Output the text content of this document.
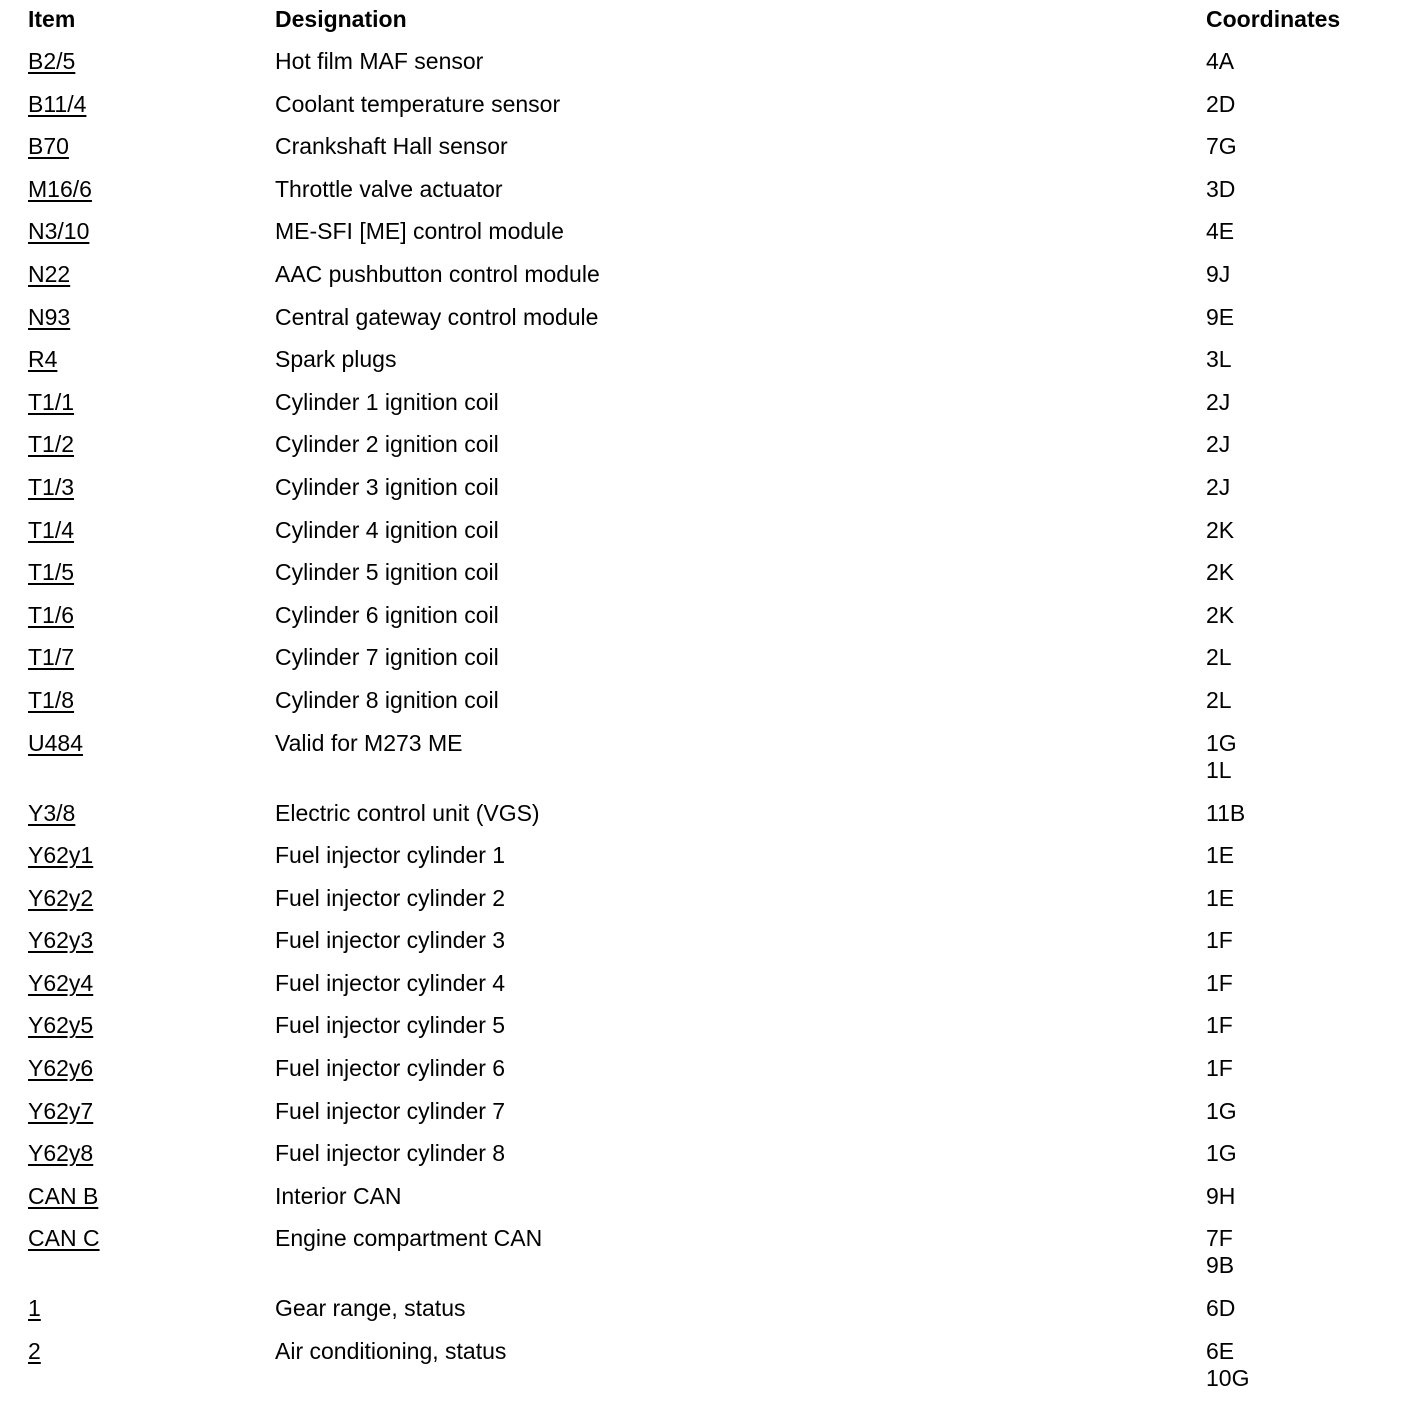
Item	Designation	Coordinates
B2/5	Hot film MAF sensor	4A
B11/4	Coolant temperature sensor	2D
B70	Crankshaft Hall sensor	7G
M16/6	Throttle valve actuator	3D
N3/10	ME-SFI [ME] control module	4E
N22	AAC pushbutton control module	9J
N93	Central gateway control module	9E
R4	Spark plugs	3L
T1/1	Cylinder 1 ignition coil	2J
T1/2	Cylinder 2 ignition coil	2J
T1/3	Cylinder 3 ignition coil	2J
T1/4	Cylinder 4 ignition coil	2K
T1/5	Cylinder 5 ignition coil	2K
T1/6	Cylinder 6 ignition coil	2K
T1/7	Cylinder 7 ignition coil	2L
T1/8	Cylinder 8 ignition coil	2L
U484	Valid for M273 ME	1G
1L
Y3/8	Electric control unit (VGS)	11B
Y62y1	Fuel injector cylinder 1	1E
Y62y2	Fuel injector cylinder 2	1E
Y62y3	Fuel injector cylinder 3	1F
Y62y4	Fuel injector cylinder 4	1F
Y62y5	Fuel injector cylinder 5	1F
Y62y6	Fuel injector cylinder 6	1F
Y62y7	Fuel injector cylinder 7	1G
Y62y8	Fuel injector cylinder 8	1G
CAN B	Interior CAN	9H
CAN C	Engine compartment CAN	7F
9B
1	Gear range, status	6D
2	Air conditioning, status	6E
10G
